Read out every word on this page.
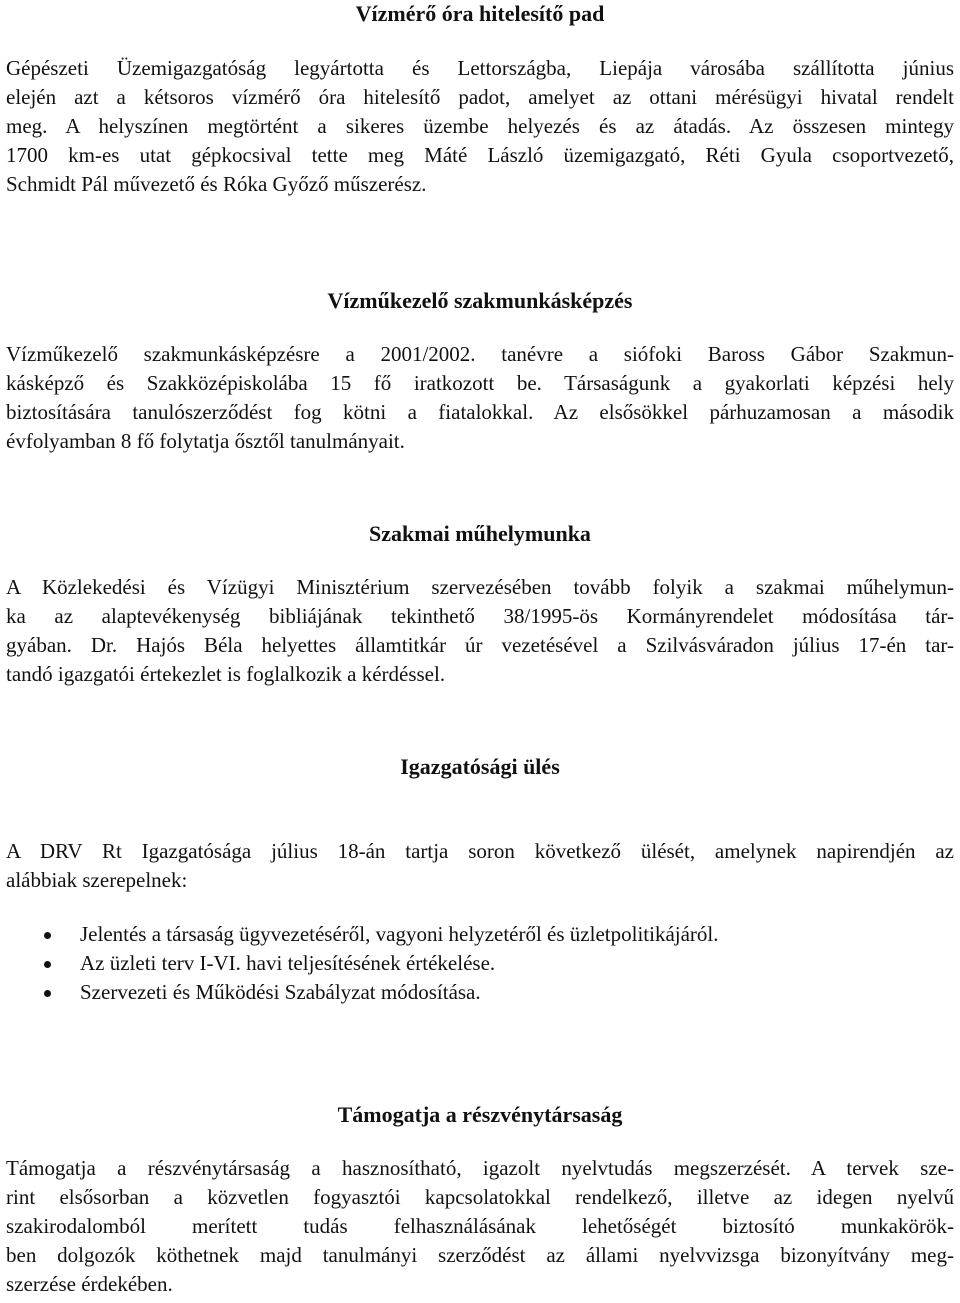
Vízmérő óra hitelesítő pad

Gépészeti Üzemigazgatóság legyártotta és Lettországba, Liepája városába szállította június
elején azt a kétsoros vízmérő óra hitelesítő padot, amelyet az ottani mérésügyi hivatal rendelt
meg. A helyszínen megtörtént a sikeres üzembe helyezés és az átadás. Az összesen mintegy
1700 km-es utat gépkocsival tette meg Máté László üzemigazgató, Réti Gyula csoportvezető,
Schmidt Pál művezető és Róka Győző műszerész.

Vízműkezelő szakmunkásképzés

Vízműkezelő szakmunkásképzésre a 2001/2002. tanévre a siófoki Baross Gábor Szakmun-
kásképző és Szakközépiskolába 15 fő iratkozott be. Társaságunk a gyakorlati képzési hely
biztosítására tanulószerződést fog kötni a fiatalokkal. Az elsősökkel párhuzamosan a második
évfolyamban 8 fő folytatja ősztől tanulmányait.

Szakmai műhelymunka

A Közlekedési és Vízügyi Minisztérium szervezésében tovább folyik a szakmai műhelymun-
ka az alaptevékenység bibliájának tekinthető 38/1995-ös Kormányrendelet módosítása tár-
gyában. Dr. Hajós Béla helyettes államtitkár úr vezetésével a Szilvásváradon július 17-én tar-
tandó igazgatói értekezlet is foglalkozik a kérdéssel.

Igazgatósági ülés

A DRV Rt Igazgatósága július 18-án tartja soron következő ülését, amelynek napirendjén az
alábbiak szerepelnek:

Jelentés a társaság ügyvezetéséről, vagyoni helyzetéről és üzletpolitikájáról.
Az üzleti terv I-VI. havi teljesítésének értékelése.
Szervezeti és Működési Szabályzat módosítása.
Támogatja a részvénytársaság

Támogatja a részvénytársaság a hasznosítható, igazolt nyelvtudás megszerzését. A tervek sze-
rint elsősorban a közvetlen fogyasztói kapcsolatokkal rendelkező, illetve az idegen nyelvű
szakirodalomból merített tudás felhasználásának lehetőségét biztosító munkakörök-
ben dolgozók köthetnek majd tanulmányi szerződést az állami nyelvvizsga bizonyítvány meg-
szerzése érdekében.
